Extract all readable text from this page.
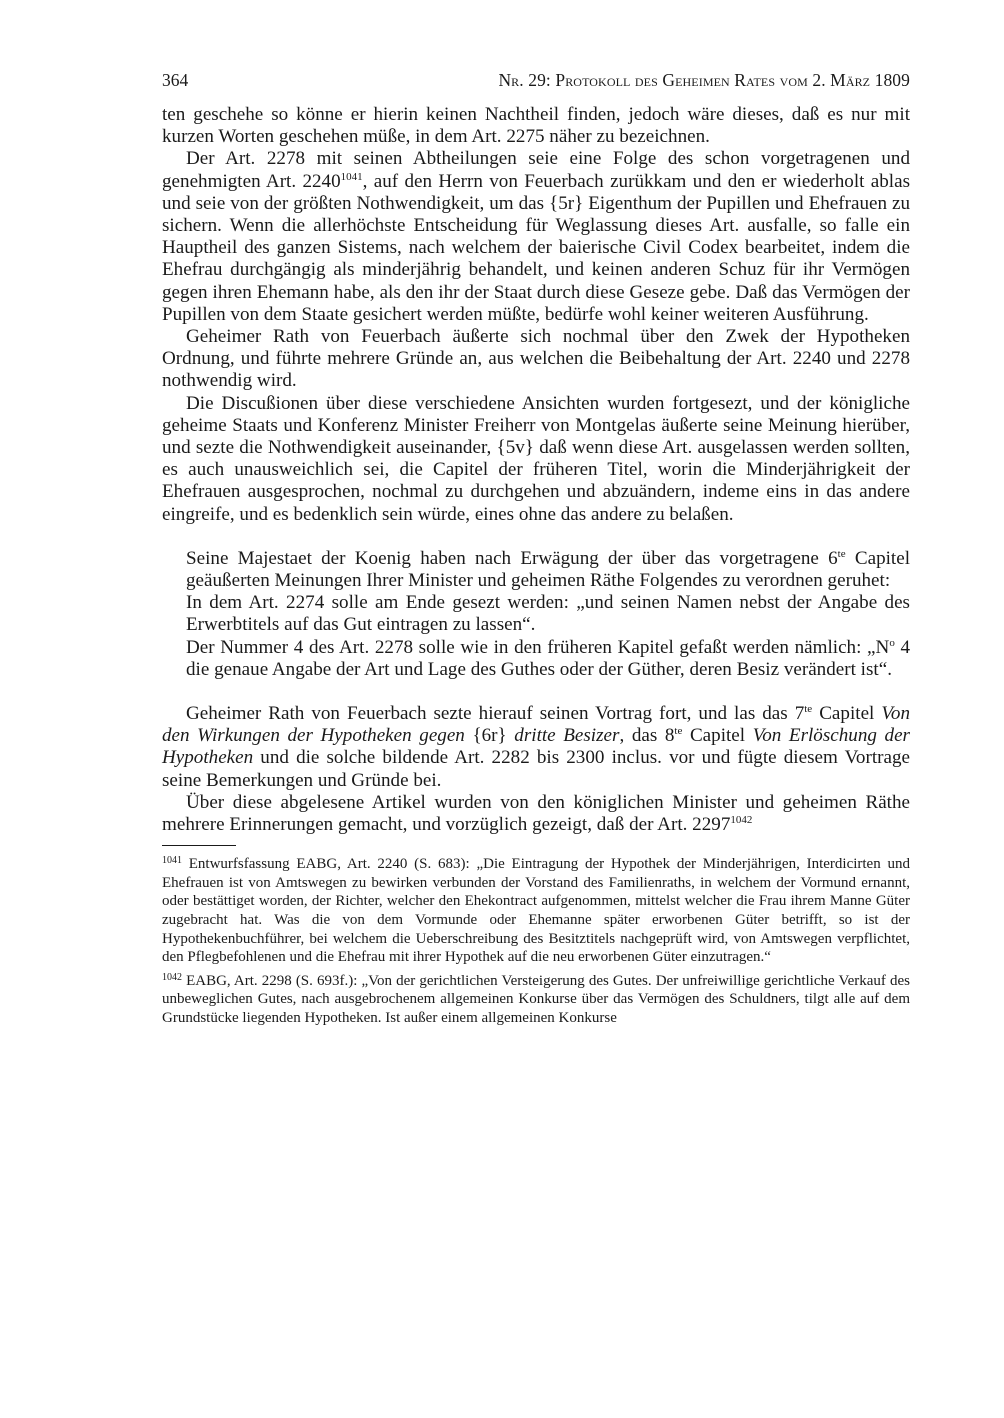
364	Nr. 29: Protokoll des Geheimen Rates vom 2. März 1809

ten geschehe so könne er hierin keinen Nachtheil finden, jedoch wäre dieses, daß es nur mit kurzen Worten geschehen müße, in dem Art. 2275 näher zu bezeichnen.

Der Art. 2278 mit seinen Abtheilungen seie eine Folge des schon vorgetragenen und genehmigten Art. $2240^{1041}$, auf den Herrn von Feuerbach zurükkam und den er wiederholt ablas und seie von der größten Nothwendigkeit, um das {5r} Eigenthum der Pupillen und Ehefrauen zu sichern. Wenn die allerhöchste Entscheidung für Weglassung dieses Art. ausfalle, so falle ein Hauptheil des ganzen Sistems, nach welchem der baierische Civil Codex bearbeitet, indem die Ehefrau durchgängig als minderjährig behandelt, und keinen anderen Schuz für ihr Vermögen gegen ihren Ehemann habe, als den ihr der Staat durch diese Geseze gebe. Daß das Vermögen der Pupillen von dem Staate gesichert werden müßte, bedürfe wohl keiner weiteren Ausführung.

Geheimer Rath von Feuerbach äußerte sich nochmal über den Zwek der Hypotheken Ordnung, und führte mehrere Gründe an, aus welchen die Beibehaltung der Art. 2240 und 2278 nothwendig wird.

Die Discußionen über diese verschiedene Ansichten wurden fortgesezt, und der königliche geheime Staats und Konferenz Minister Freiherr von Montgelas äußerte seine Meinung hierüber, und sezte die Nothwendigkeit auseinander, {5v} daß wenn diese Art. ausgelassen werden sollten, es auch unausweichlich sei, die Capitel der früheren Titel, worin die Minderjährigkeit der Ehefrauen ausgesprochen, nochmal zu durchgehen und abzuändern, indeme eins in das andere eingreife, und es bedenklich sein würde, eines ohne das andere zu belaßen.

Seine Majestaet der Koenig haben nach Erwägung der über das vorgetragene $6^{te}$ Capitel geäußerten Meinungen Ihrer Minister und geheimen Räthe Folgendes zu verordnen geruhet:

In dem Art. 2274 solle am Ende gesezt werden: „und seinen Namen nebst der Angabe des Erwerbtitels auf das Gut eintragen zu lassen“.

Der Nummer 4 des Art. 2278 solle wie in den früheren Kapitel gefaßt werden nämlich: $„N^o$ 4 die genaue Angabe der Art und Lage des Guthes oder der Güther, deren Besiz verändert ist“.

Geheimer Rath von Feuerbach sezte hierauf seinen Vortrag fort, und las das $7^{te}$ Capitel Von den Wirkungen der Hypotheken gegen {6r} dritte Besizer, das $8^{te}$ Capitel Von Erlöschung der Hypotheken und die solche bildende Art. 2282 bis 2300 inclus. vor und fügte diesem Vortrage seine Bemerkungen und Gründe bei.

Über diese abgelesene Artikel wurden von den königlichen Minister und geheimen Räthe mehrere Erinnerungen gemacht, und vorzüglich gezeigt, daß der Art. $2297^{1042}$

$^{1041}$ Entwurfsfassung EABG, Art. 2240 (S. 683): „Die Eintragung der Hypothek der Minderjährigen, Interdicirten und Ehefrauen ist von Amtswegen zu bewirken verbunden der Vorstand des Familienraths, in welchem der Vormund ernannt, oder bestättiget worden, der Richter, welcher den Ehekontract aufgenommen, mittelst welcher die Frau ihrem Manne Güter zugebracht hat. Was die von dem Vormunde oder Ehemanne später erworbenen Güter betrifft, so ist der Hypothekenbuchführer, bei welchem die Ueberschreibung des Besitztitels nachgeprüft wird, von Amtswegen verpflichtet, den Pflegbefohlenen und die Ehefrau mit ihrer Hypothek auf die neu erworbenen Güter einzutragen.“

$^{1042}$ EABG, Art. 2298 (S. 693f.): „Von der gerichtlichen Versteigerung des Gutes. Der unfreiwillige gerichtliche Verkauf des unbeweglichen Gutes, nach ausgebrochenem allgemeinen Konkurse über das Vermögen des Schuldners, tilgt alle auf dem Grundstücke liegenden Hypotheken. Ist außer einem allgemeinen Konkurse
